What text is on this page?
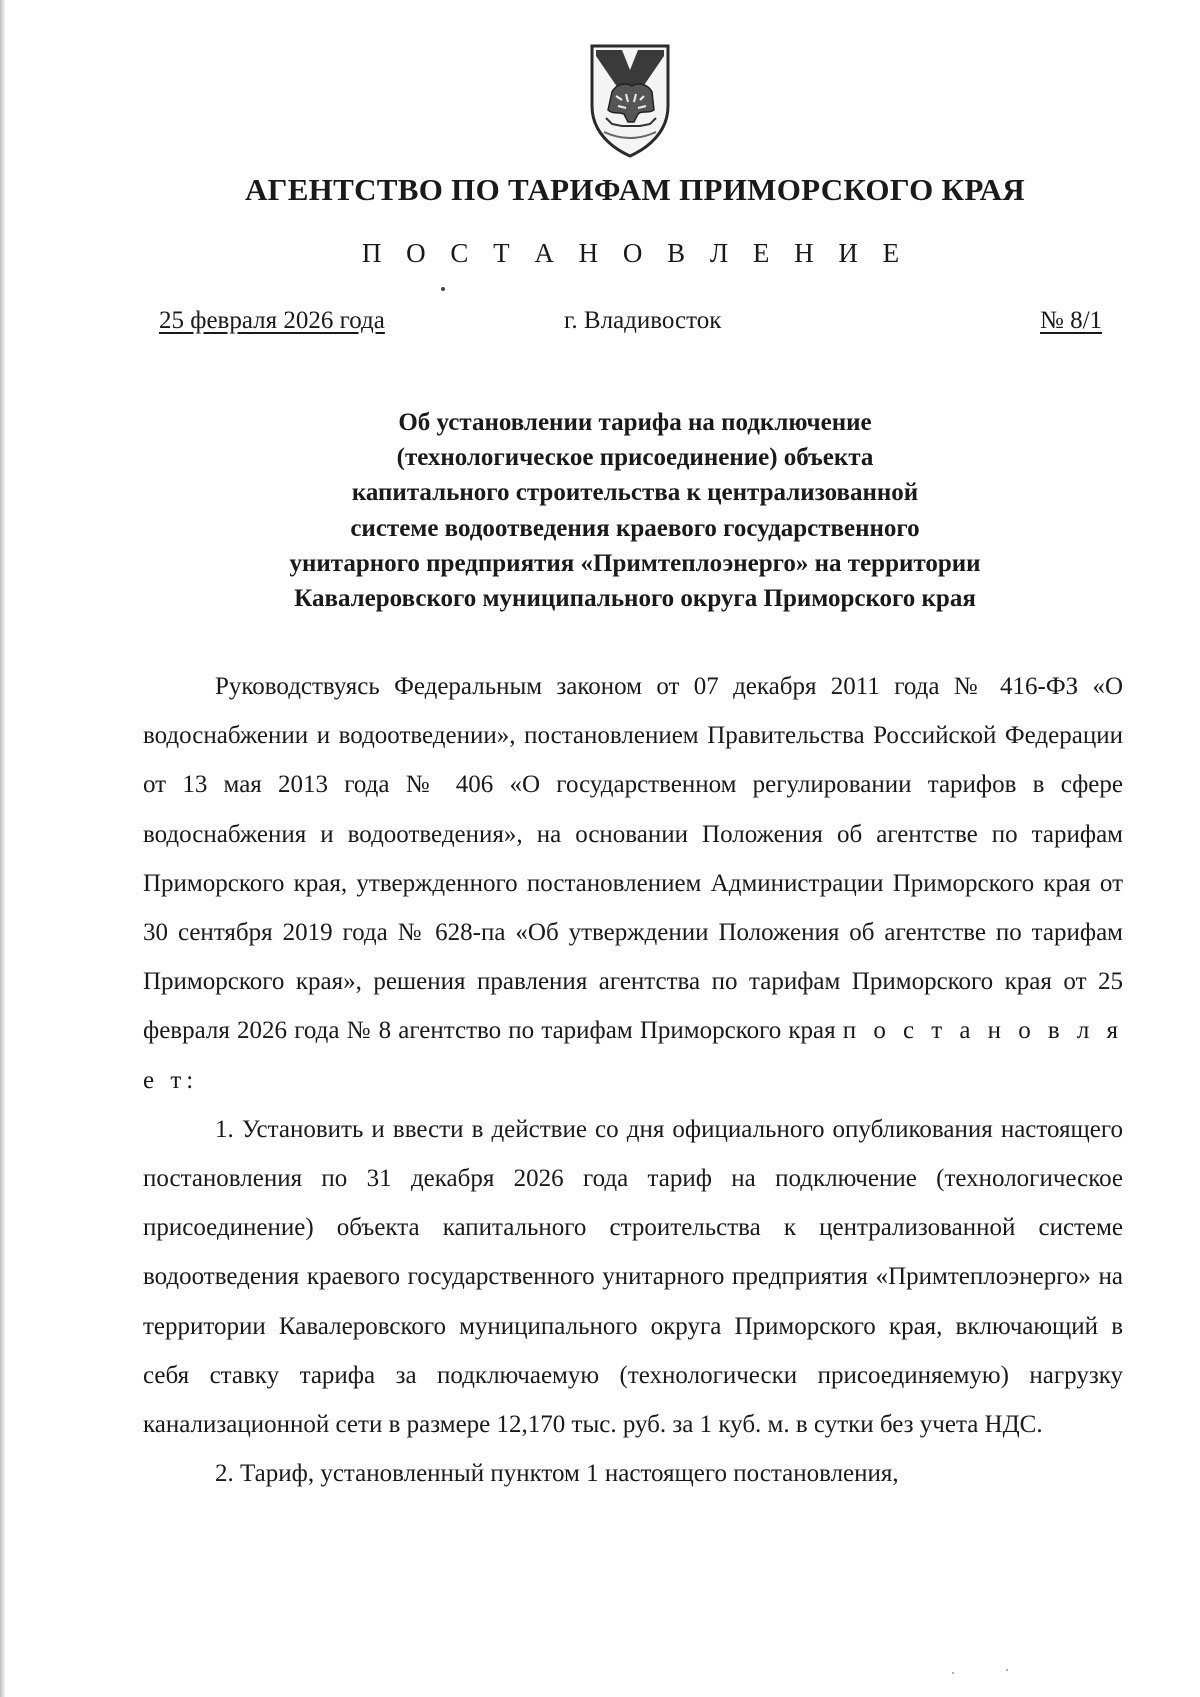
АГЕНТСТВО ПО ТАРИФАМ ПРИМОРСКОГО КРАЯ
П О С Т А Н О В Л Е Н И Е
25 февраля 2026 года	г. Владивосток	№ 8/1
Об установлении тарифа на подключение
(технологическое присоединение) объекта
капитального строительства к централизованной
системе водоотведения краевого государственного
унитарного предприятия «Примтеплоэнерго» на территории
Кавалеровского муниципального округа Приморского края

Руководствуясь Федеральным законом от 07 декабря 2011 года № 416-ФЗ «О водоснабжении и водоотведении», постановлением Правительства Российской Федерации от 13 мая 2013 года № 406 «О государственном регулировании тарифов в сфере водоснабжения и водоотведения», на основании Положения об агентстве по тарифам Приморского края, утвержденного постановлением Администрации Приморского края от 30 сентября 2019 года № 628-па «Об утверждении Положения об агентстве по тарифам Приморского края», решения правления агентства по тарифам Приморского края от 25 февраля 2026 года № 8 агентство по тарифам Приморского края п о с т а н о в л я е т:

1. Установить и ввести в действие со дня официального опубликования настоящего постановления по 31 декабря 2026 года тариф на подключение (технологическое присоединение) объекта капитального строительства к централизованной системе водоотведения краевого государственного унитарного предприятия «Примтеплоэнерго» на территории Кавалеровского муниципального округа Приморского края, включающий в себя ставку тарифа за подключаемую (технологически присоединяемую) нагрузку канализационной сети в размере 12,170 тыс. руб. за 1 куб. м. в сутки без учета НДС.

2. Тариф, установленный пунктом 1 настоящего постановления,
